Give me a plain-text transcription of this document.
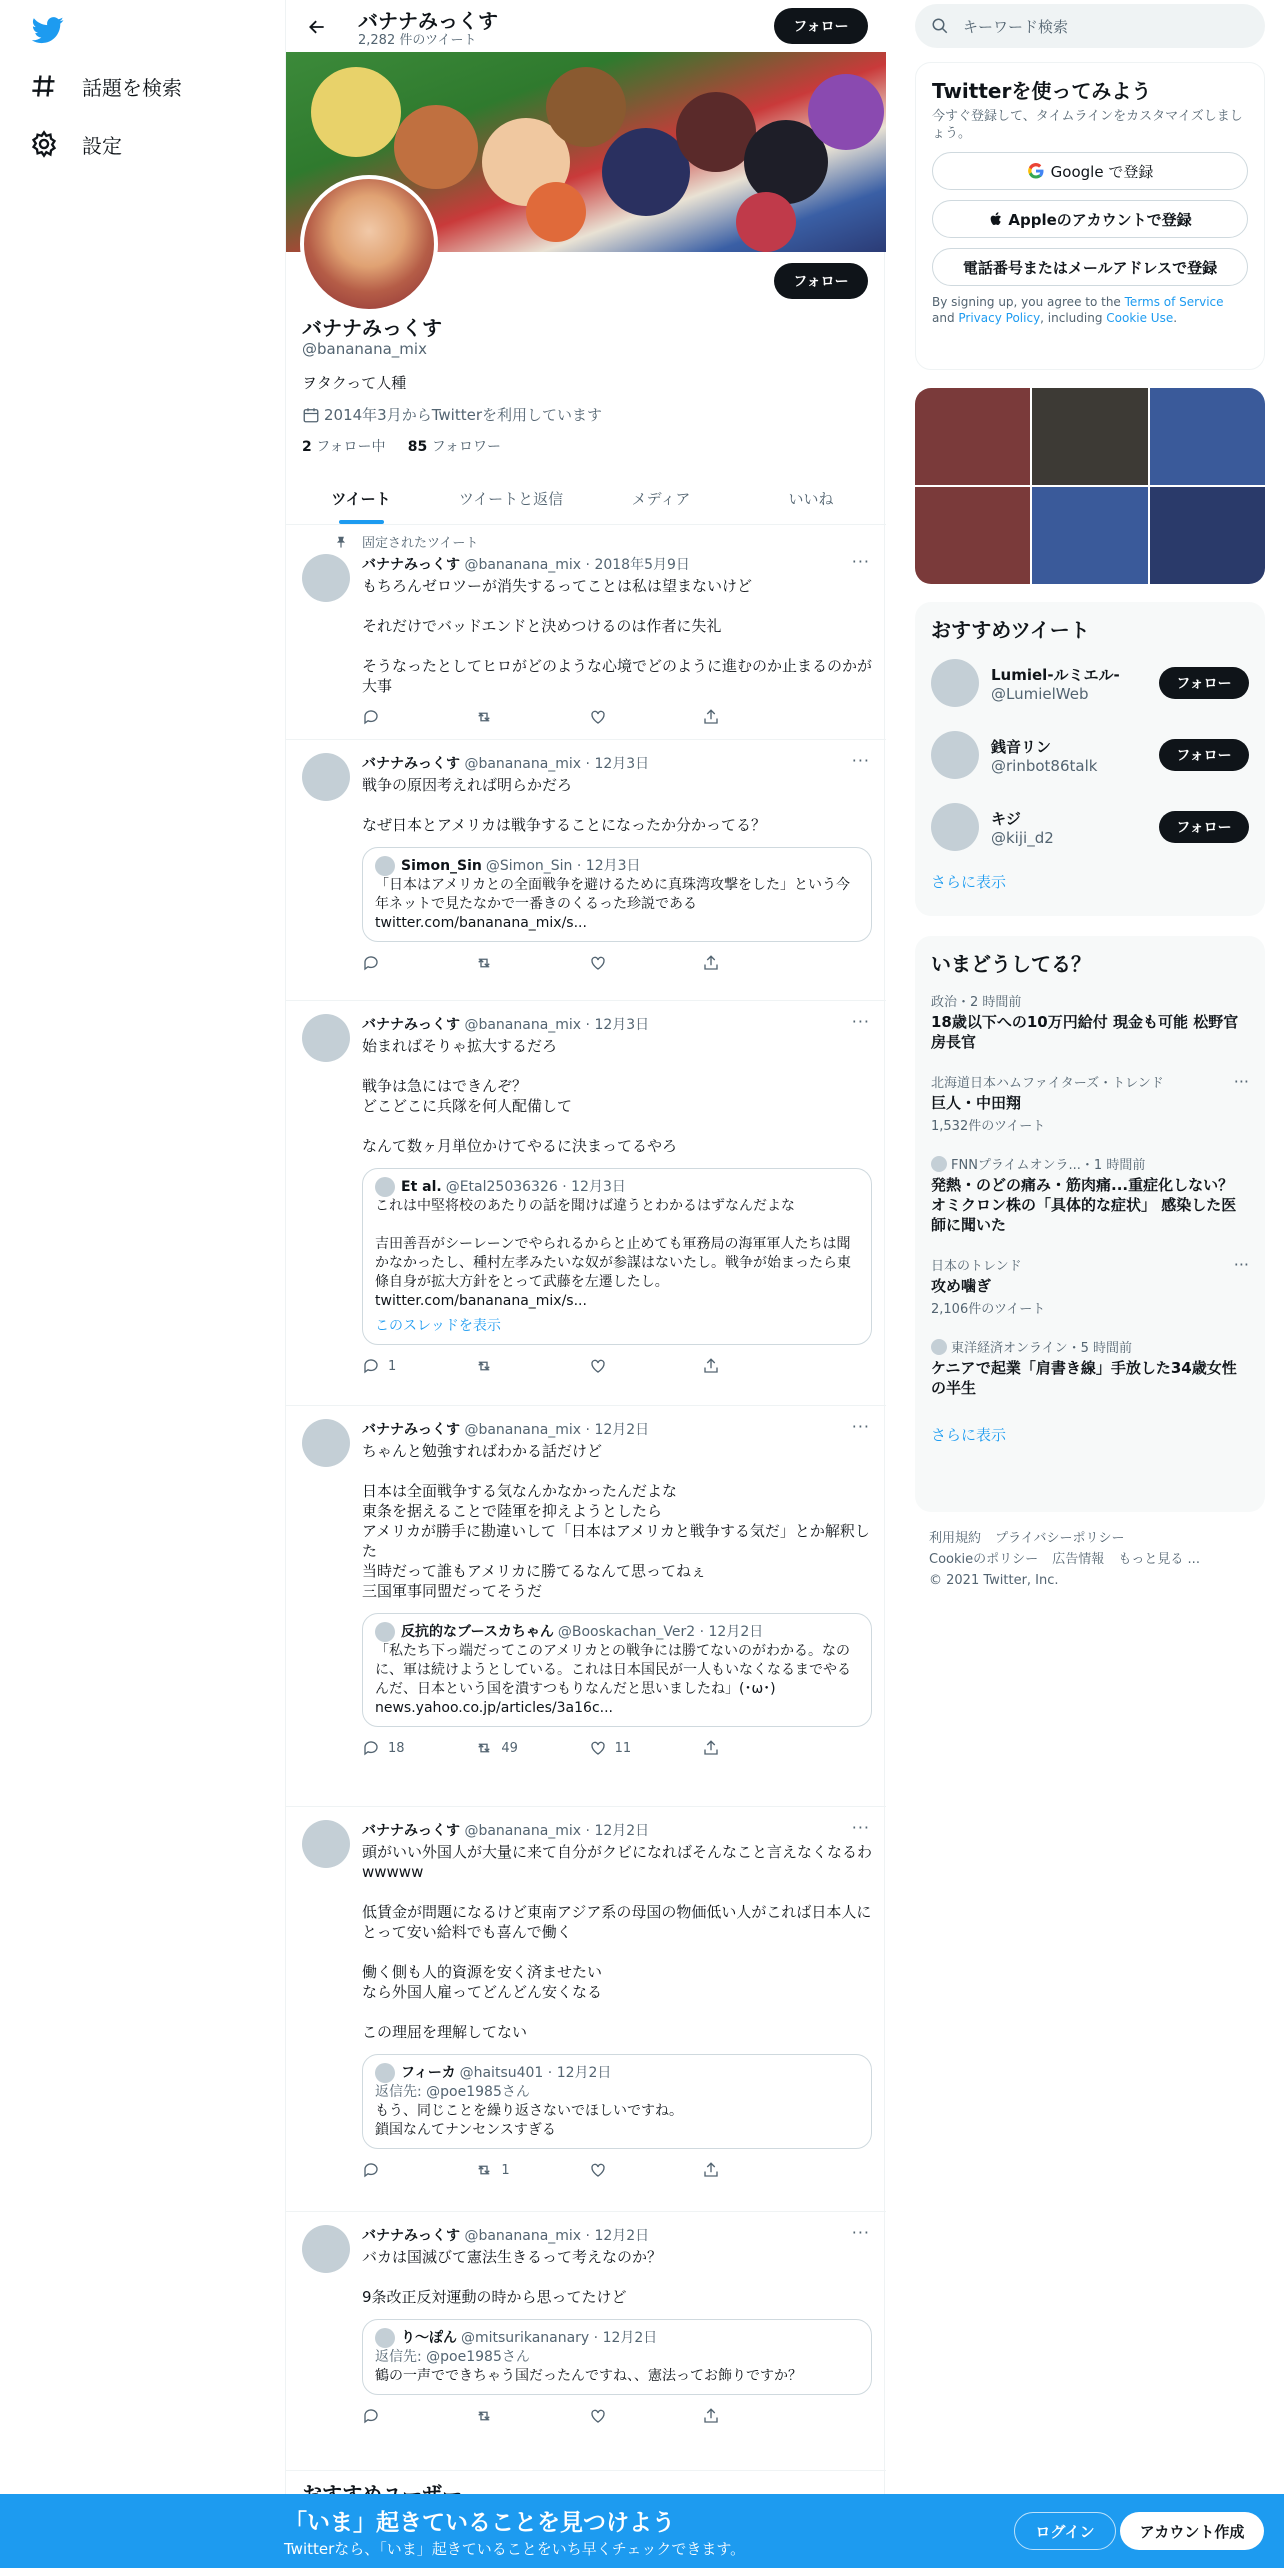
話題を検索
設定
バナナみっくす
2,282 件のツイート
フォロー
フォロー
バナナみっくす
@bananana_mix
ヲタクって人種
2014年3月からTwitterを利用しています
2 フォロー中 85 フォロワー
ツイート	ツイートと返信	メディア	いいね
固定されたツイート
···
バナナみっくす @bananana_mix · 2018年5月9日
もちろんゼロツーが消失するってことは私は望まないけど

それだけでバッドエンドと決めつけるのは作者に失礼

そうなったとしてヒロがどのような心境でどのように進むのか止まるのかが大事
···
バナナみっくす @bananana_mix · 12月3日
戦争の原因考えれば明らかだろ

なぜ日本とアメリカは戦争することになったか分かってる？
Simon_Sin @Simon_Sin · 12月3日
「日本はアメリカとの全面戦争を避けるために真珠湾攻撃をした」という今年ネットで見たなかで一番きのくるった珍説である
twitter.com/bananana_mix/s...
···
バナナみっくす @bananana_mix · 12月3日
始まればそりゃ拡大するだろ

戦争は急にはできんぞ？
どこどこに兵隊を何人配備して

なんて数ヶ月単位かけてやるに決まってるやろ
Et al. @Etal25036326 · 12月3日
これは中堅将校のあたりの話を聞けば違うとわかるはずなんだよな

吉田善吾がシーレーンでやられるからと止めても軍務局の海軍軍人たちは聞かなかったし、種村左孝みたいな奴が参謀はないたし。戦争が始まったら東條自身が拡大方針をとって武藤を左遷したし。
twitter.com/bananana_mix/s...
このスレッドを表示
1
···
バナナみっくす @bananana_mix · 12月2日
ちゃんと勉強すればわかる話だけど

日本は全面戦争する気なんかなかったんだよな
東条を据えることで陸軍を抑えようとしたら
アメリカが勝手に勘違いして「日本はアメリカと戦争する気だ」とか解釈した
当時だって誰もアメリカに勝てるなんて思ってねぇ
三国軍事同盟だってそうだ
反抗的なブースカちゃん @Booskachan_Ver2 · 12月2日
「私たち下っ端だってこのアメリカとの戦争には勝てないのがわかる。なのに、軍は続けようとしている。これは日本国民が一人もいなくなるまでやるんだ、日本という国を潰すつもりなんだと思いましたね」(･ω･)
news.yahoo.co.jp/articles/3a16c...
18	49	11
···
バナナみっくす @bananana_mix · 12月2日
頭がいい外国人が大量に来て自分がクビになればそんなこと言えなくなるわwwwww

低賃金が問題になるけど東南アジア系の母国の物価低い人がこれば日本人にとって安い給料でも喜んで働く

働く側も人的資源を安く済ませたい
なら外国人雇ってどんどん安くなる

この理屈を理解してない
フィーカ @haitsu401 · 12月2日
返信先: @poe1985さん
もう、同じことを繰り返さないでほしいですね。
鎖国なんてナンセンスすぎる
1
···
バナナみっくす @bananana_mix · 12月2日
バカは国滅びて憲法生きるって考えなのか？

9条改正反対運動の時から思ってたけど
り〜ぽん @mitsurikananary · 12月2日
返信先: @poe1985さん
鶴の一声でできちゃう国だったんですね、、憲法ってお飾りですか？
キーワード検索
Twitterを使ってみよう
今すぐ登録して、タイムラインをカスタマイズしましょう。
Google で登録
Appleのアカウントで登録
電話番号またはメールアドレスで登録
By signing up, you agree to the Terms of Service and Privacy Policy, including Cookie Use.
おすすめツイート
Lumiel-ルミエル-
@LumielWeb
フォロー
銭音リン
@rinbot86talk
フォロー
キジ
@kiji_d2
フォロー
さらに表示
いまどうしてる？
政治・2 時間前
18歳以下への10万円給付 現金も可能 松野官房長官
北海道日本ハムファイターズ・トレンド
巨人・中田翔
1,532件のツイート
···
FNNプライムオンラ...・1 時間前
発熱・のどの痛み・筋肉痛...重症化しない？ オミクロン株の「具体的な症状」 感染した医師に聞いた
日本のトレンド
攻め噛ぎ
2,106件のツイート
···
東洋経済オンライン・5 時間前
ケニアで起業「肩書き線」手放した34歳女性の半生
さらに表示
利用規約 プライバシーポリシー
Cookieのポリシー 広告情報 もっと見る ...
© 2021 Twitter, Inc.
「いま」起きていることを見つけよう
Twitterなら、「いま」起きていることをいち早くチェックできます。
ログイン	アカウント作成
